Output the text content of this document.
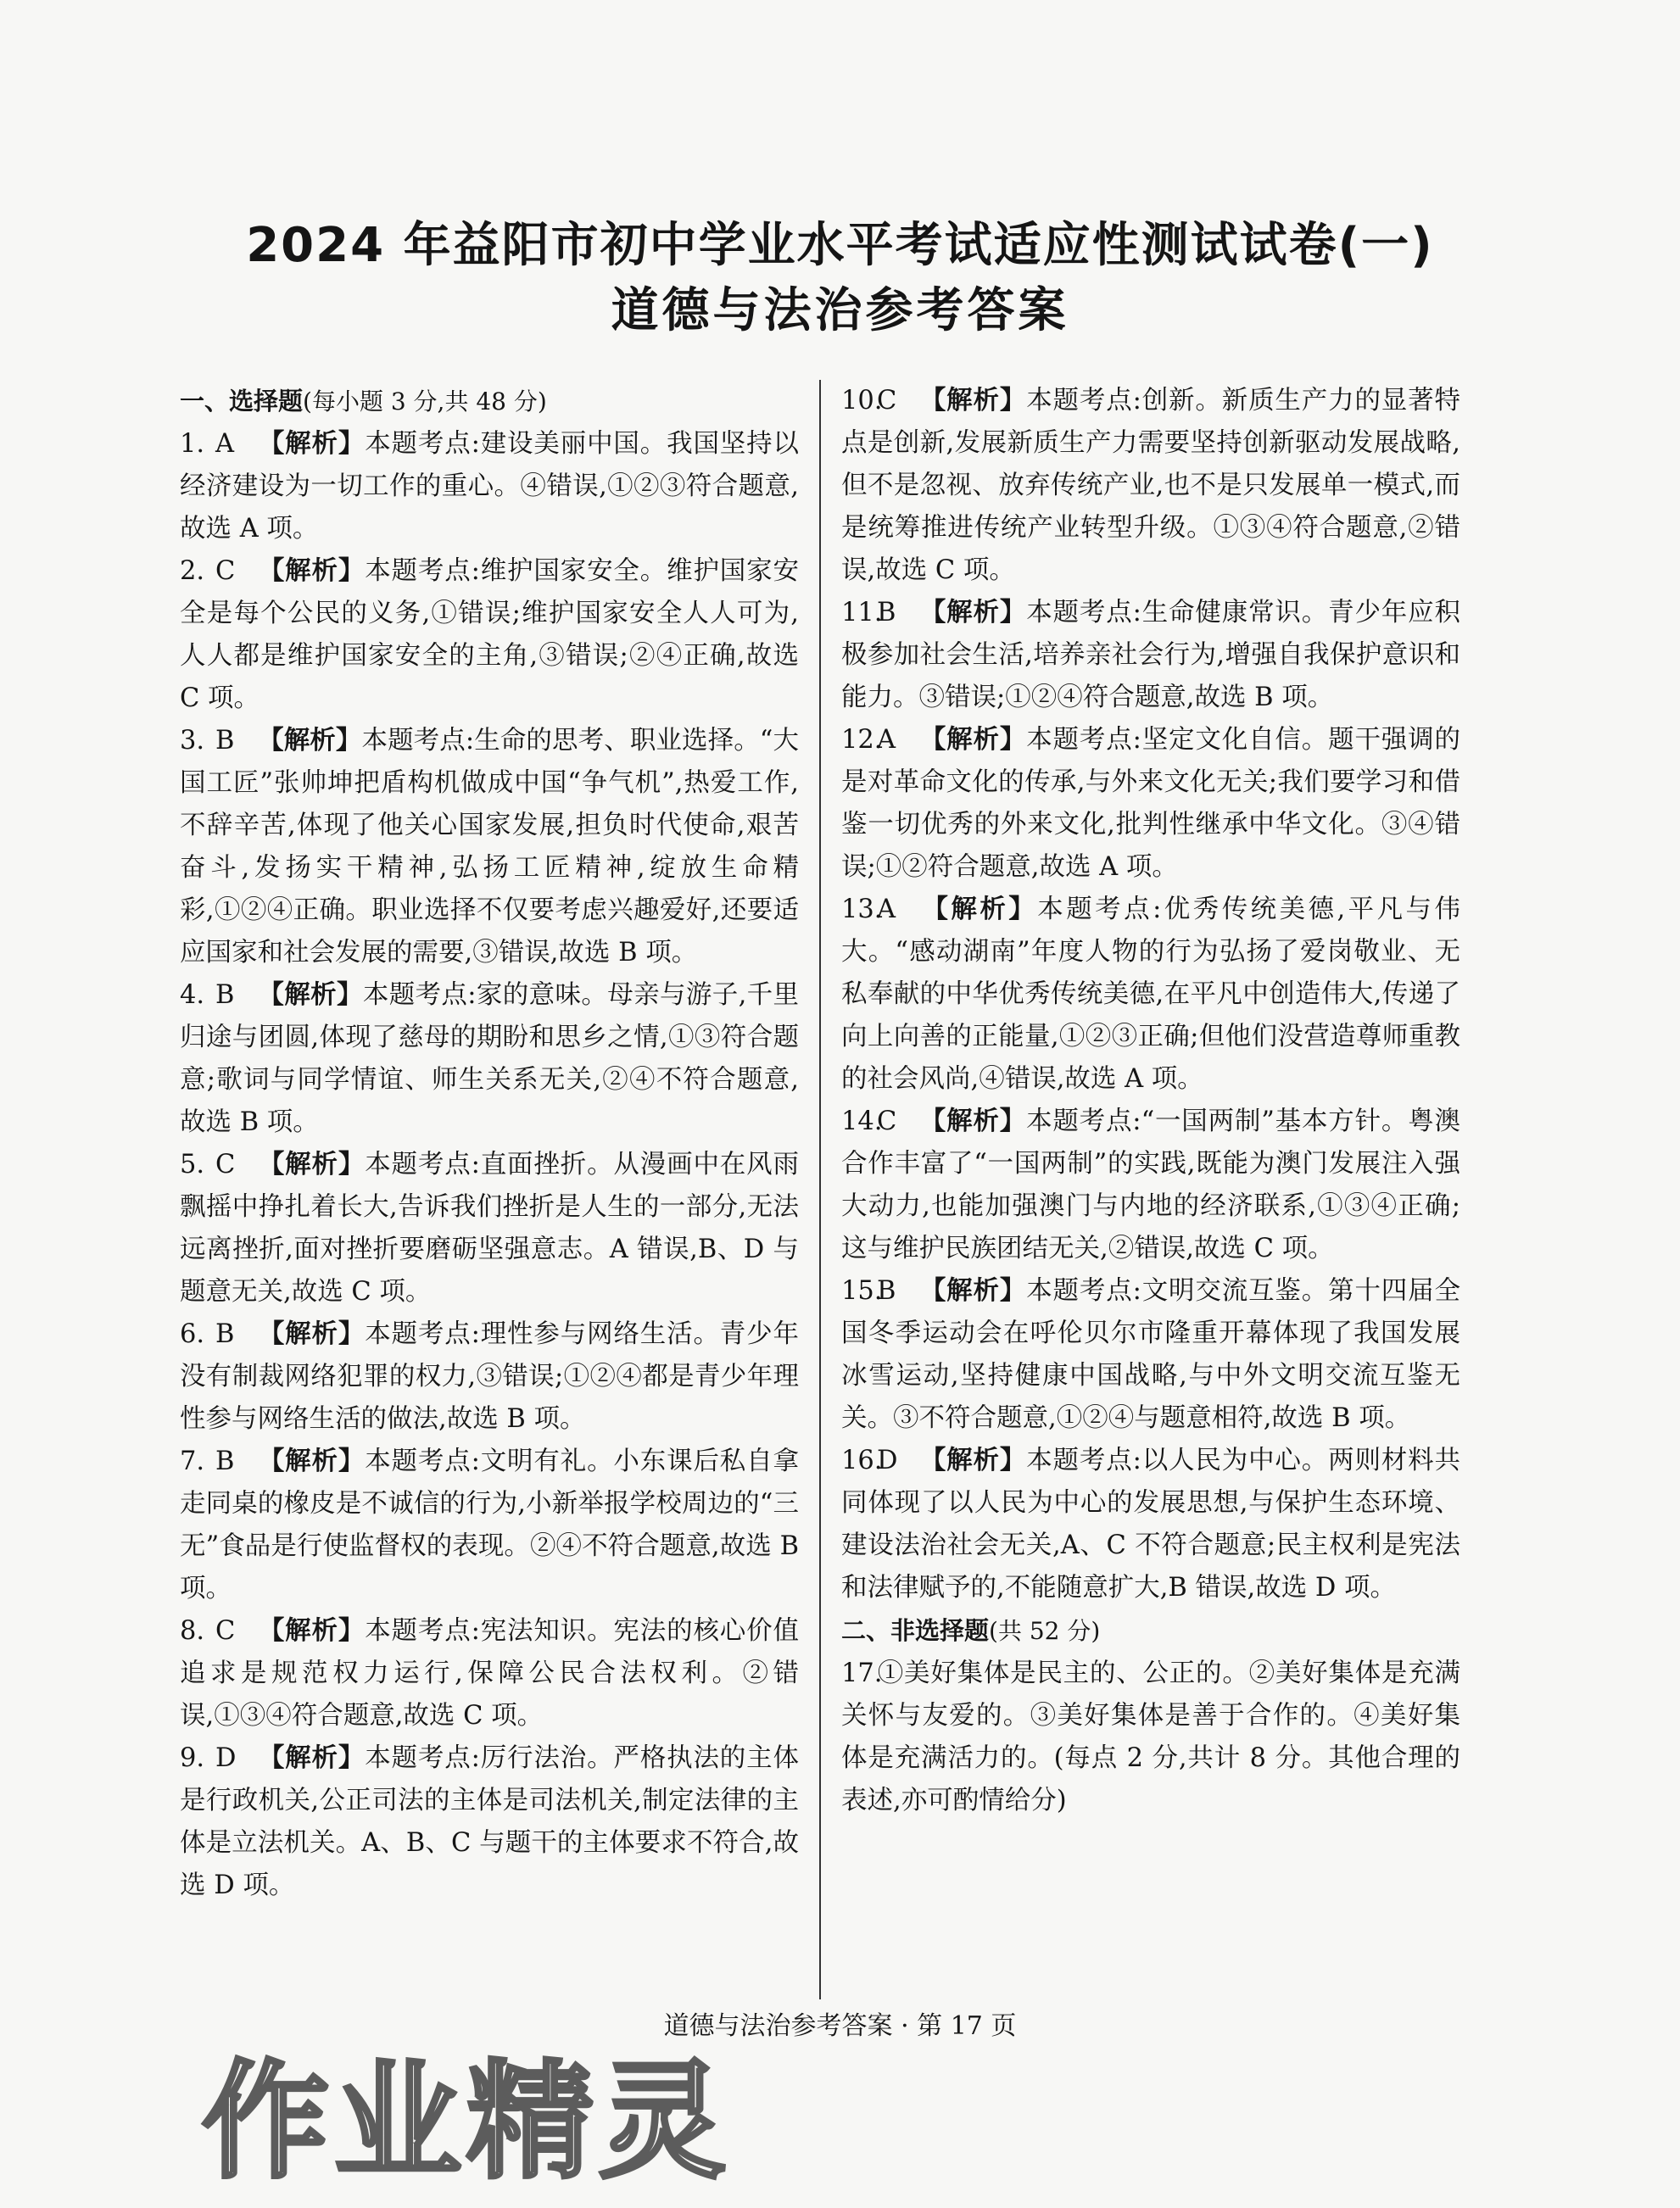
2024 年益阳市初中学业水平考试适应性测试试卷(一)
道德与法治参考答案

一、选择题(每小题 3 分,共 48 分)

1. A 【解析】本题考点:建设美丽中国。我国坚持以经济建设为一切工作的重心。④错误,①②③符合题意,故选 A 项。

2. C 【解析】本题考点:维护国家安全。维护国家安全是每个公民的义务,①错误;维护国家安全人人可为,人人都是维护国家安全的主角,③错误;②④正确,故选 C 项。

3. B 【解析】本题考点:生命的思考、职业选择。“大国工匠”张帅坤把盾构机做成中国“争气机”,热爱工作,不辞辛苦,体现了他关心国家发展,担负时代使命,艰苦奋斗,发扬实干精神,弘扬工匠精神,绽放生命精彩,①②④正确。职业选择不仅要考虑兴趣爱好,还要适应国家和社会发展的需要,③错误,故选 B 项。

4. B 【解析】本题考点:家的意味。母亲与游子,千里归途与团圆,体现了慈母的期盼和思乡之情,①③符合题意;歌词与同学情谊、师生关系无关,②④不符合题意,故选 B 项。

5. C 【解析】本题考点:直面挫折。从漫画中在风雨飘摇中挣扎着长大,告诉我们挫折是人生的一部分,无法远离挫折,面对挫折要磨砺坚强意志。A 错误,B、D 与题意无关,故选 C 项。

6. B 【解析】本题考点:理性参与网络生活。青少年没有制裁网络犯罪的权力,③错误;①②④都是青少年理性参与网络生活的做法,故选 B 项。

7. B 【解析】本题考点:文明有礼。小东课后私自拿走同桌的橡皮是不诚信的行为,小新举报学校周边的“三无”食品是行使监督权的表现。②④不符合题意,故选 B 项。

8. C 【解析】本题考点:宪法知识。宪法的核心价值追求是规范权力运行,保障公民合法权利。②错误,①③④符合题意,故选 C 项。

9. D 【解析】本题考点:厉行法治。严格执法的主体是行政机关,公正司法的主体是司法机关,制定法律的主体是立法机关。A、B、C 与题干的主体要求不符合,故选 D 项。

10.C 【解析】本题考点:创新。新质生产力的显著特点是创新,发展新质生产力需要坚持创新驱动发展战略,但不是忽视、放弃传统产业,也不是只发展单一模式,而是统筹推进传统产业转型升级。①③④符合题意,②错误,故选 C 项。

11.B 【解析】本题考点:生命健康常识。青少年应积极参加社会生活,培养亲社会行为,增强自我保护意识和能力。③错误;①②④符合题意,故选 B 项。

12.A 【解析】本题考点:坚定文化自信。题干强调的是对革命文化的传承,与外来文化无关;我们要学习和借鉴一切优秀的外来文化,批判性继承中华文化。③④错误;①②符合题意,故选 A 项。

13.A 【解析】本题考点:优秀传统美德,平凡与伟大。“感动湖南”年度人物的行为弘扬了爱岗敬业、无私奉献的中华优秀传统美德,在平凡中创造伟大,传递了向上向善的正能量,①②③正确;但他们没营造尊师重教的社会风尚,④错误,故选 A 项。

14.C 【解析】本题考点:“一国两制”基本方针。粤澳合作丰富了“一国两制”的实践,既能为澳门发展注入强大动力,也能加强澳门与内地的经济联系,①③④正确;这与维护民族团结无关,②错误,故选 C 项。

15.B 【解析】本题考点:文明交流互鉴。第十四届全国冬季运动会在呼伦贝尔市隆重开幕体现了我国发展冰雪运动,坚持健康中国战略,与中外文明交流互鉴无关。③不符合题意,①②④与题意相符,故选 B 项。

16.D 【解析】本题考点:以人民为中心。两则材料共同体现了以人民为中心的发展思想,与保护生态环境、建设法治社会无关,A、C 不符合题意;民主权利是宪法和法律赋予的,不能随意扩大,B 错误,故选 D 项。

二、非选择题(共 52 分)

17.①美好集体是民主的、公正的。②美好集体是充满关怀与友爱的。③美好集体是善于合作的。④美好集体是充满活力的。(每点 2 分,共计 8 分。其他合理的表述,亦可酌情给分)

道德与法治参考答案 · 第 17 页
作业精灵
